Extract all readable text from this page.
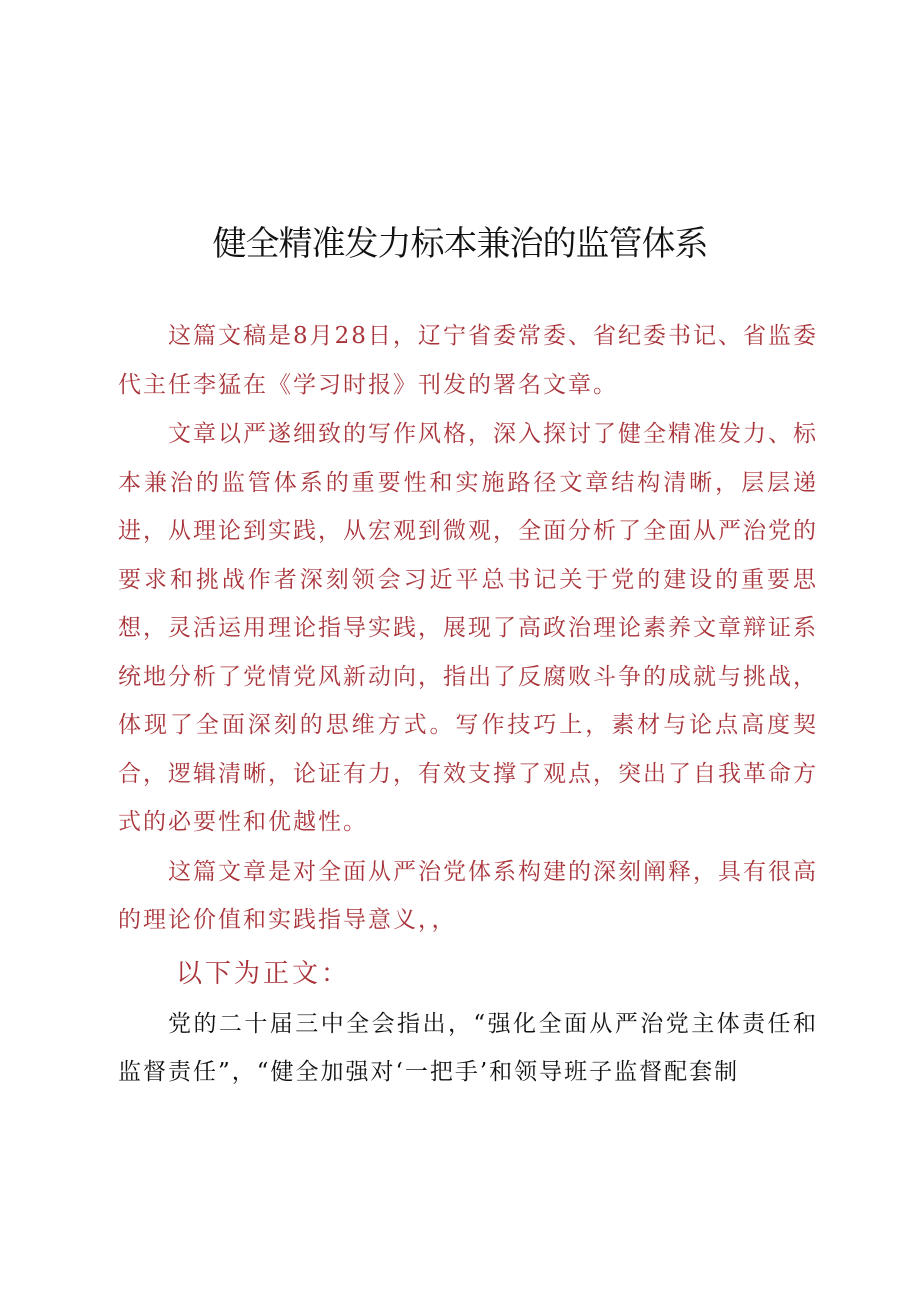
健全精准发力标本兼治的监管体系

这篇文稿是8月28日，辽宁省委常委、省纪委书记、省监委代主任李猛在《学习时报》刊发的署名文章。

文章以严遂细致的写作风格，深入探讨了健全精准发力、标本兼治的监管体系的重要性和实施路径文章结构清晰，层层递进，从理论到实践，从宏观到微观，全面分析了全面从严治党的要求和挑战作者深刻领会习近平总书记关于党的建设的重要思想，灵活运用理论指导实践，展现了高政治理论素养文章辩证系统地分析了党情党风新动向，指出了反腐败斗争的成就与挑战，体现了全面深刻的思维方式。写作技巧上，素材与论点高度契合，逻辑清晰，论证有力，有效支撑了观点，突出了自我革命方式的必要性和优越性。

这篇文章是对全面从严治党体系构建的深刻阐释，具有很高的理论价值和实践指导意义，，

以下为正文：

党的二十届三中全会指出，“强化全面从严治党主体责任和监督责任”，“健全加强对‘一把手’和领导班子监督配套制
